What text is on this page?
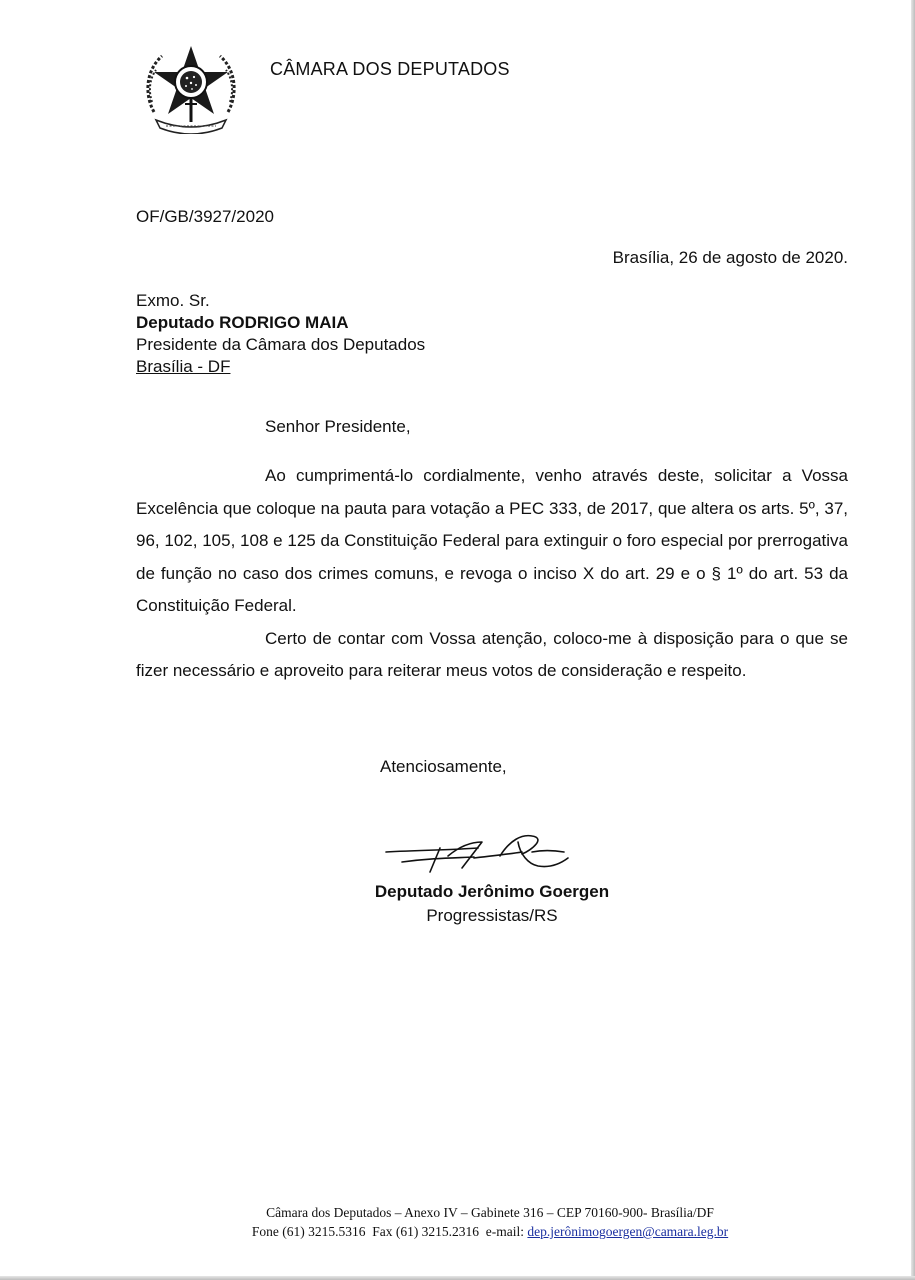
CÂMARA DOS DEPUTADOS
OF/GB/3927/2020
Brasília, 26 de agosto de 2020.
Exmo. Sr.
Deputado RODRIGO MAIA
Presidente da Câmara dos Deputados
Brasília - DF
Senhor Presidente,

Ao cumprimentá-lo cordialmente, venho através deste, solicitar a Vossa Excelência que coloque na pauta para votação a PEC 333, de 2017, que altera os arts. 5º, 37, 96, 102, 105, 108 e 125 da Constituição Federal para extinguir o foro especial por prerrogativa de função no caso dos crimes comuns, e revoga o inciso X do art. 29 e o § 1º do art. 53 da Constituição Federal.

Certo de contar com Vossa atenção, coloco-me à disposição para o que se fizer necessário e aproveito para reiterar meus votos de consideração e respeito.

Atenciosamente,
Deputado Jerônimo Goergen
Progressistas/RS
Câmara dos Deputados – Anexo IV – Gabinete 316 – CEP 70160-900- Brasília/DF
Fone (61) 3215.5316  Fax (61) 3215.2316  e-mail: dep.jerônimogoergen@camara.leg.br
